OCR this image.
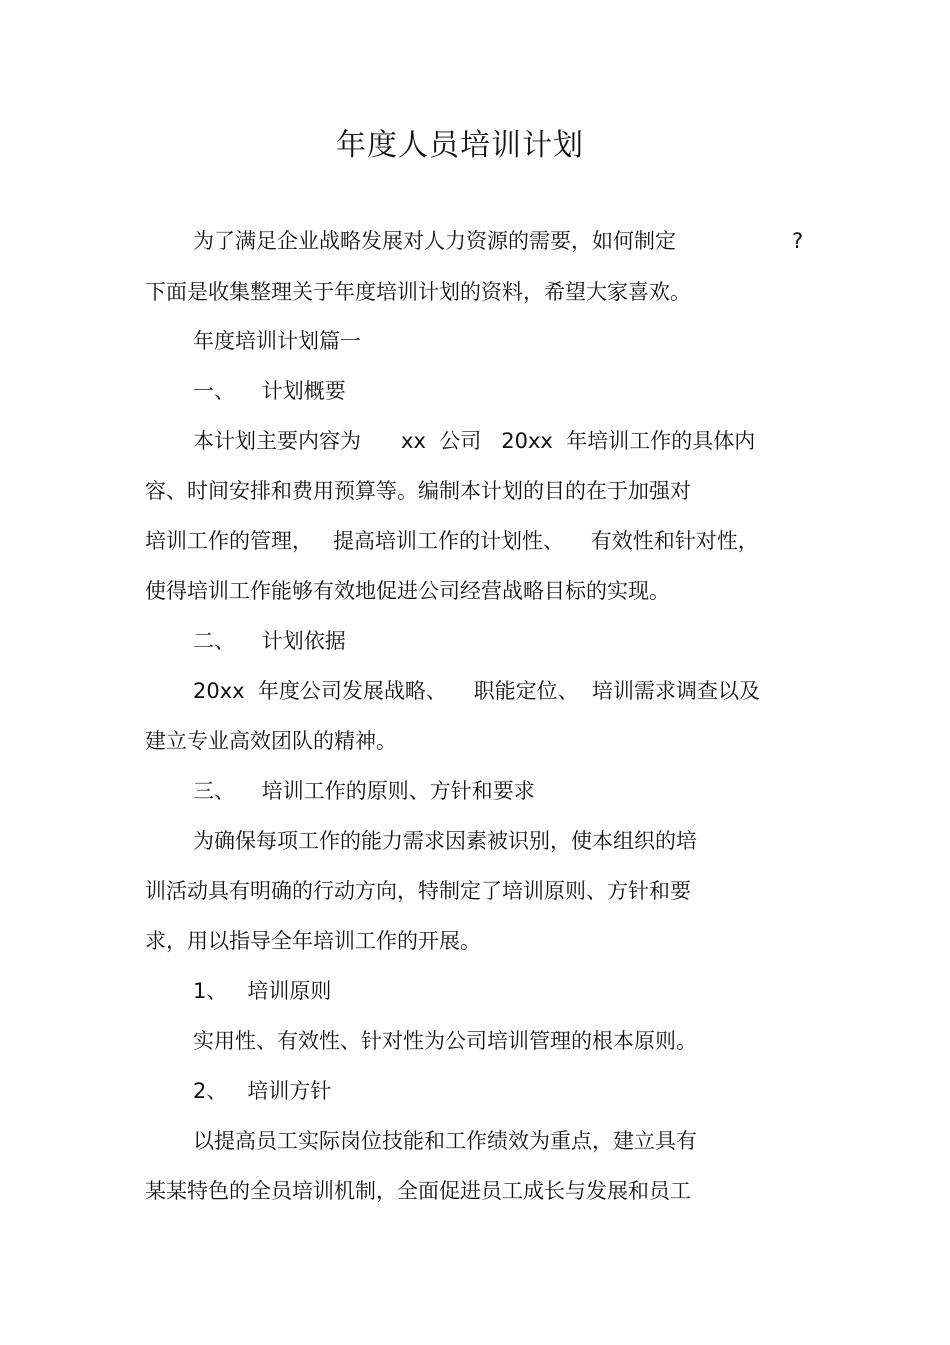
年度人员培训计划
为了满足企业战略发展对人力资源的需要，如何制定	?
下面是收集整理关于年度培训计划的资料，希望大家喜欢。
年度培训计划篇一
一、    计划概要
本计划主要内容为      xx  公司   20xx  年培训工作的具体内
容、时间安排和费用预算等。编制本计划的目的在于加强对
培训工作的管理，   提高培训工作的计划性、    有效性和针对性，
使得培训工作能够有效地促进公司经营战略目标的实现。
二、    计划依据
20xx  年度公司发展战略、    职能定位、  培训需求调查以及
建立专业高效团队的精神。
三、    培训工作的原则、方针和要求
为确保每项工作的能力需求因素被识别，使本组织的培
训活动具有明确的行动方向，特制定了培训原则、方针和要
求，用以指导全年培训工作的开展。
1、   培训原则
实用性、有效性、针对性为公司培训管理的根本原则。
2、   培训方针
以提高员工实际岗位技能和工作绩效为重点，建立具有
某某特色的全员培训机制，全面促进员工成长与发展和员工
